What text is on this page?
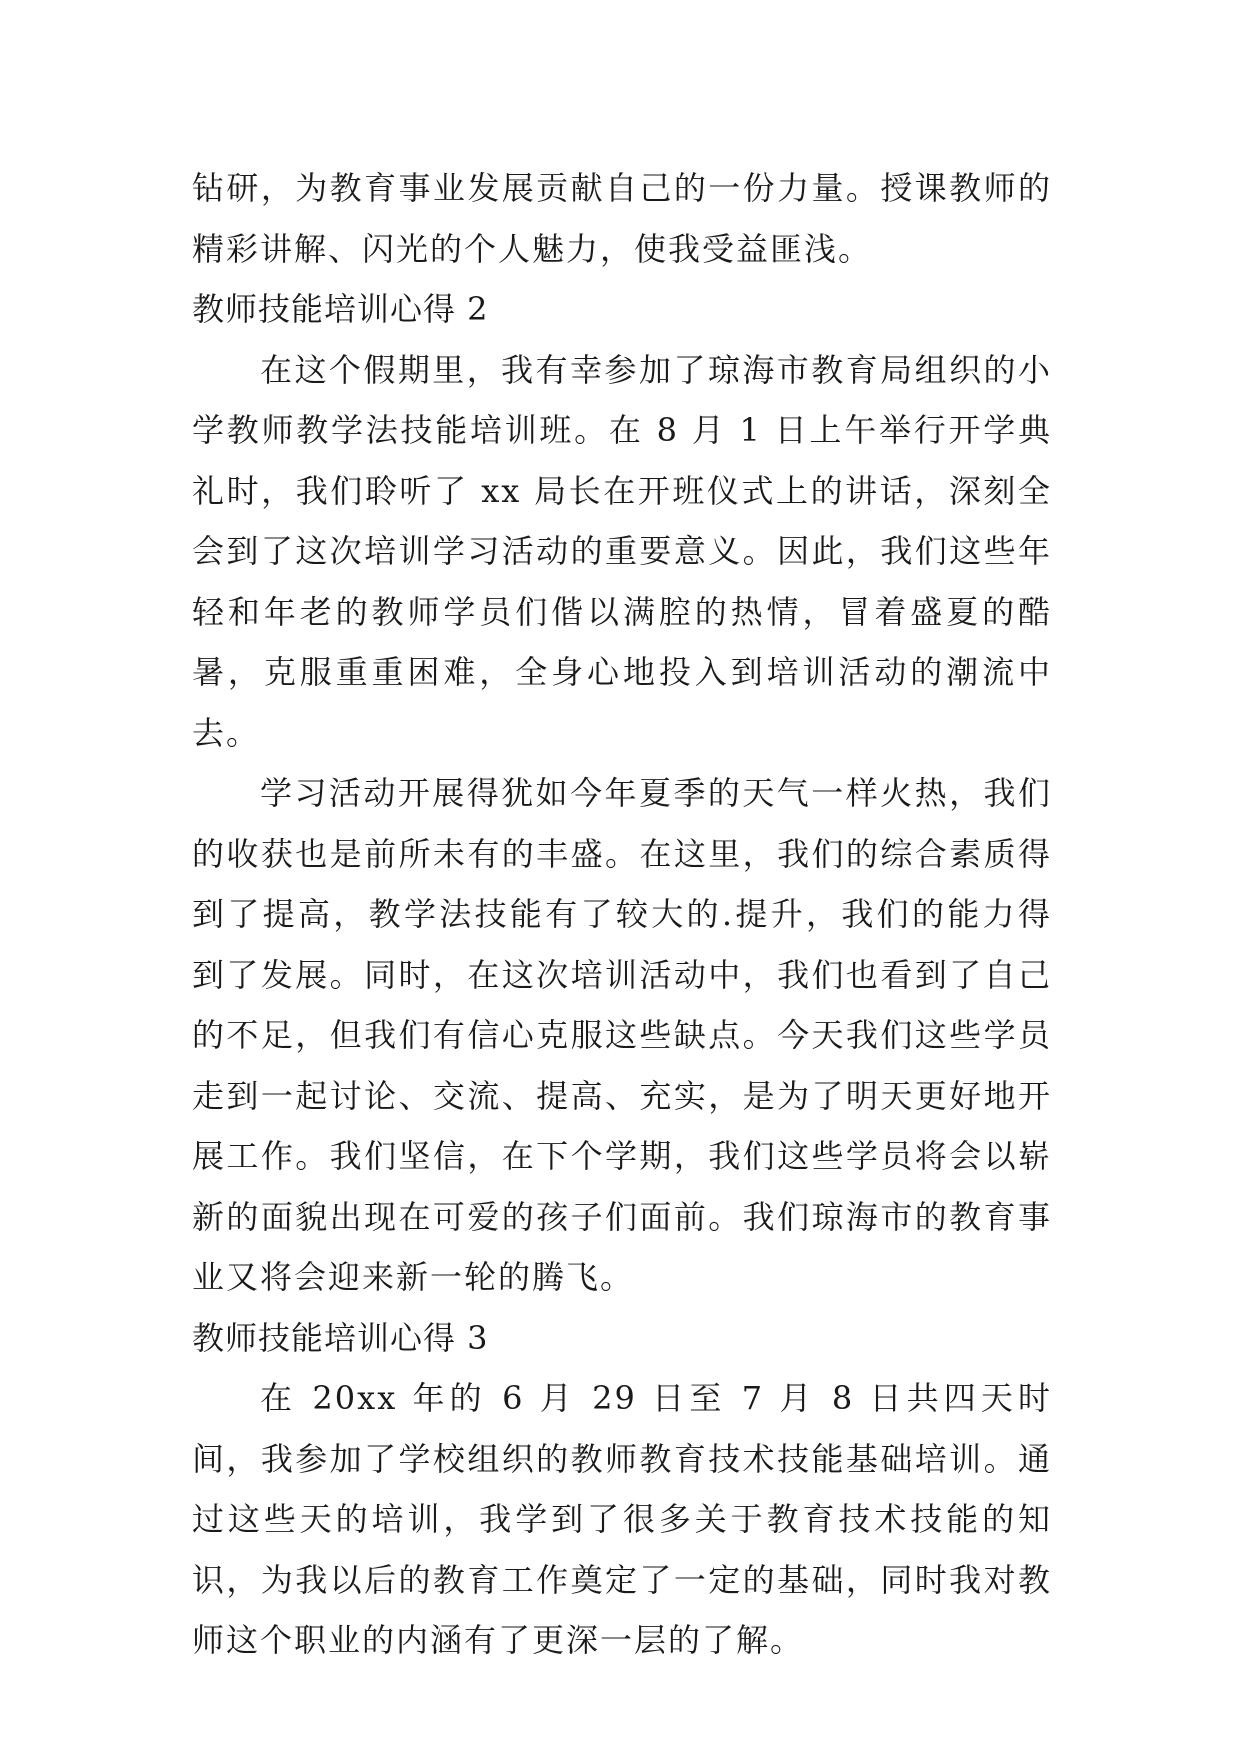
钻研，为教育事业发展贡献自己的一份力量。授课教师的精彩讲解、闪光的个人魅力，使我受益匪浅。

教师技能培训心得 2

在这个假期里，我有幸参加了琼海市教育局组织的小学教师教学法技能培训班。在 8 月 1 日上午举行开学典礼时，我们聆听了 xx 局长在开班仪式上的讲话，深刻全会到了这次培训学习活动的重要意义。因此，我们这些年轻和年老的教师学员们偕以满腔的热情，冒着盛夏的酷暑，克服重重困难，全身心地投入到培训活动的潮流中去。

学习活动开展得犹如今年夏季的天气一样火热，我们的收获也是前所未有的丰盛。在这里，我们的综合素质得到了提高，教学法技能有了较大的.提升，我们的能力得到了发展。同时，在这次培训活动中，我们也看到了自己的不足，但我们有信心克服这些缺点。今天我们这些学员走到一起讨论、交流、提高、充实，是为了明天更好地开展工作。我们坚信，在下个学期，我们这些学员将会以崭新的面貌出现在可爱的孩子们面前。我们琼海市的教育事业又将会迎来新一轮的腾飞。

教师技能培训心得 3

在 20xx 年的 6 月 29 日至 7 月 8 日共四天时间，我参加了学校组织的教师教育技术技能基础培训。通过这些天的培训，我学到了很多关于教育技术技能的知识，为我以后的教育工作奠定了一定的基础，同时我对教师这个职业的内涵有了更深一层的了解。
